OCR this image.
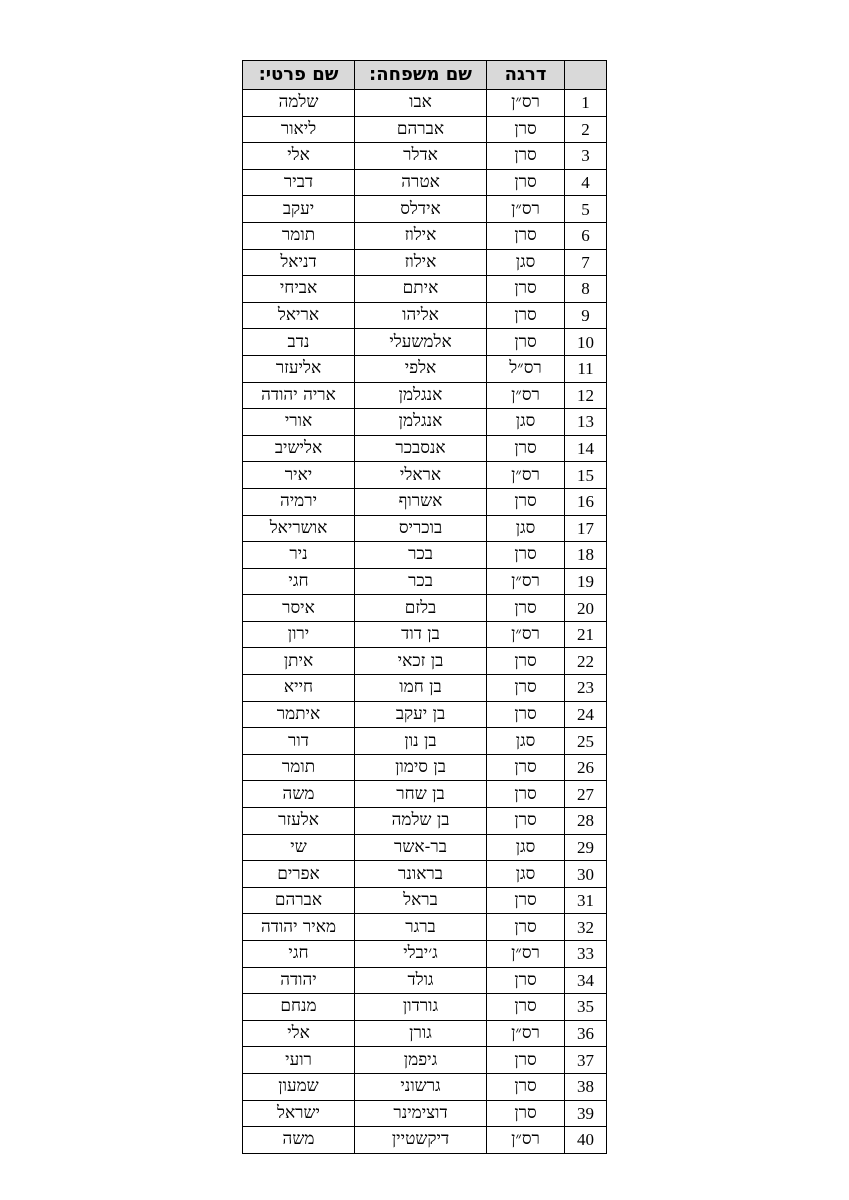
שם פרטי:	שם משפחה:	דרגה	
שלמה	אבו	רס״ן	1
ליאור	אברהם	סרן	2
אלי	אדלר	סרן	3
דביר	אטרה	סרן	4
יעקב	אידלס	רס״ן	5
תומר	אילוז	סרן	6
דניאל	אילוז	סגן	7
אביחי	איתם	סרן	8
אריאל	אליהו	סרן	9
נדב	אלמשעלי	סרן	10
אליעזר	אלפי	רס״ל	11
אריה יהודה	אנגלמן	רס״ן	12
אורי	אנגלמן	סגן	13
אלישיב	אנסבכר	סרן	14
יאיר	אראלי	רס״ן	15
ירמיה	אשרוף	סרן	16
אושריאל	בוכריס	סגן	17
ניר	בכר	סרן	18
חגי	בכר	רס״ן	19
איסר	בלזם	סרן	20
ירון	בן דוד	רס״ן	21
איתן	בן זכאי	סרן	22
חייא	בן חמו	סרן	23
איתמר	בן יעקב	סרן	24
דור	בן נון	סגן	25
תומר	בן סימון	סרן	26
משה	בן שחר	סרן	27
אלעזר	בן שלמה	סרן	28
שי	בר-אשר	סגן	29
אפרים	בראונר	סגן	30
אברהם	בראל	סרן	31
מאיר יהודה	ברגר	סרן	32
חגי	ג׳יבלי	רס״ן	33
יהודה	גולד	סרן	34
מנחם	גורדון	סרן	35
אלי	גורן	רס״ן	36
רועי	גיפמן	סרן	37
שמעון	גרשוני	סרן	38
ישראל	דוצימינר	סרן	39
משה	דיקשטיין	רס״ן	40
